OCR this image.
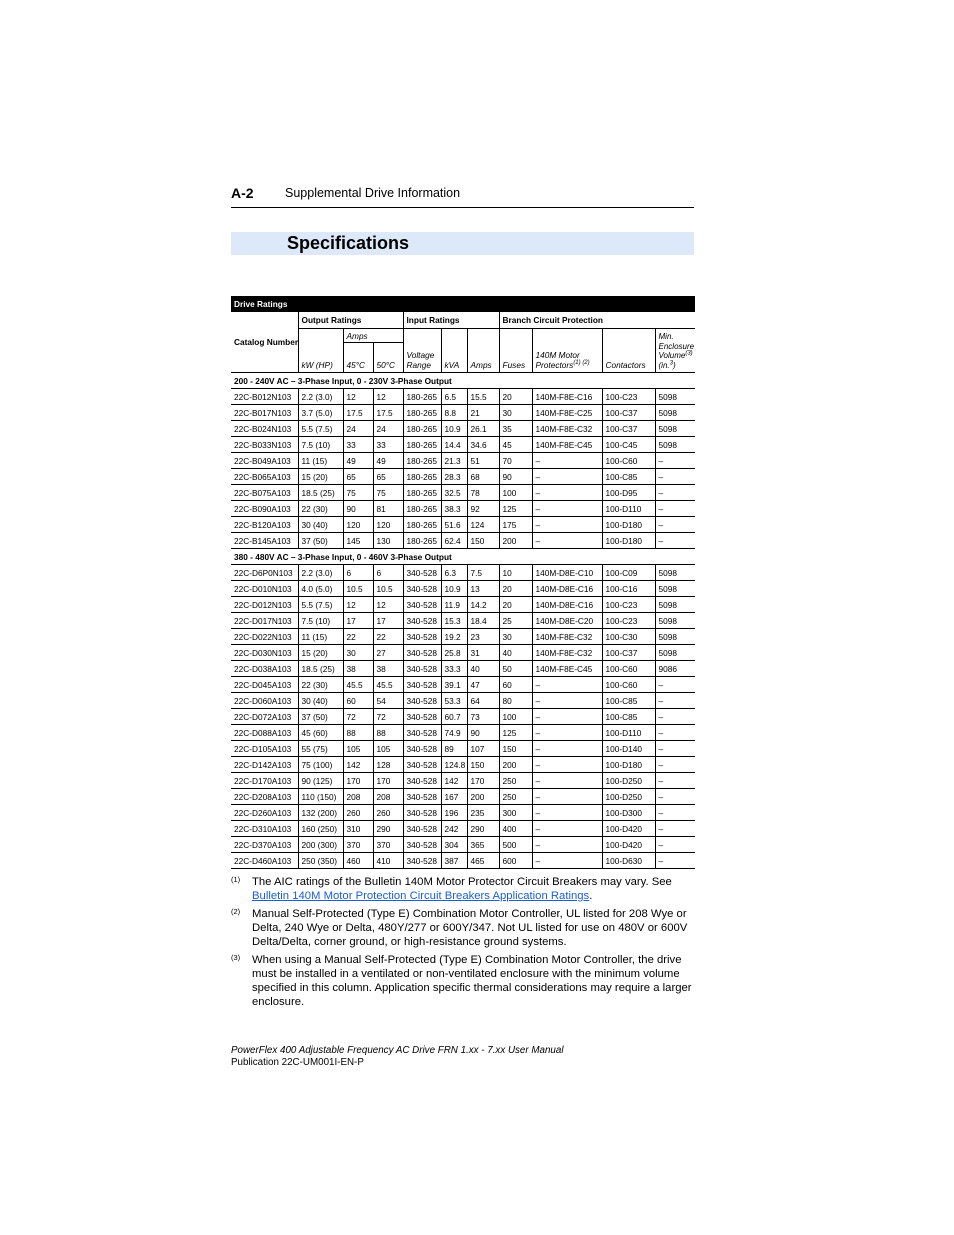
A-2	Supplemental Drive Information
Specifications
Drive Ratings										
Catalog Number	Output Ratings			Input Ratings			Branch Circuit Protection			
	kW (HP)	Amps		Voltage Range	kVA	Amps	Fuses	140M Motor Protectors$^{(1) (2)}$	Contactors	Min. Enclosure Volume$^{(3)}$ (in.$^3$)
		45°C	50°C							
200 - 240V AC – 3-Phase Input, 0 - 230V 3-Phase Output										
22C-B012N103	2.2 (3.0)	12	12	180-265	6.5	15.5	20	140M-F8E-C16	100-C23	5098
22C-B017N103	3.7 (5.0)	17.5	17.5	180-265	8.8	21	30	140M-F8E-C25	100-C37	5098
22C-B024N103	5.5 (7.5)	24	24	180-265	10.9	26.1	35	140M-F8E-C32	100-C37	5098
22C-B033N103	7.5 (10)	33	33	180-265	14.4	34.6	45	140M-F8E-C45	100-C45	5098
22C-B049A103	11 (15)	49	49	180-265	21.3	51	70	–	100-C60	–
22C-B065A103	15 (20)	65	65	180-265	28.3	68	90	–	100-C85	–
22C-B075A103	18.5 (25)	75	75	180-265	32.5	78	100	–	100-D95	–
22C-B090A103	22 (30)	90	81	180-265	38.3	92	125	–	100-D110	–
22C-B120A103	30 (40)	120	120	180-265	51.6	124	175	–	100-D180	–
22C-B145A103	37 (50)	145	130	180-265	62.4	150	200	–	100-D180	–
380 - 480V AC – 3-Phase Input, 0 - 460V 3-Phase Output										
22C-D6P0N103	2.2 (3.0)	6	6	340-528	6.3	7.5	10	140M-D8E-C10	100-C09	5098
22C-D010N103	4.0 (5.0)	10.5	10.5	340-528	10.9	13	20	140M-D8E-C16	100-C16	5098
22C-D012N103	5.5 (7.5)	12	12	340-528	11.9	14.2	20	140M-D8E-C16	100-C23	5098
22C-D017N103	7.5 (10)	17	17	340-528	15.3	18.4	25	140M-D8E-C20	100-C23	5098
22C-D022N103	11 (15)	22	22	340-528	19.2	23	30	140M-F8E-C32	100-C30	5098
22C-D030N103	15 (20)	30	27	340-528	25.8	31	40	140M-F8E-C32	100-C37	5098
22C-D038A103	18.5 (25)	38	38	340-528	33.3	40	50	140M-F8E-C45	100-C60	9086
22C-D045A103	22 (30)	45.5	45.5	340-528	39.1	47	60	–	100-C60	–
22C-D060A103	30 (40)	60	54	340-528	53.3	64	80	–	100-C85	–
22C-D072A103	37 (50)	72	72	340-528	60.7	73	100	–	100-C85	–
22C-D088A103	45 (60)	88	88	340-528	74.9	90	125	–	100-D110	–
22C-D105A103	55 (75)	105	105	340-528	89	107	150	–	100-D140	–
22C-D142A103	75 (100)	142	128	340-528	124.8	150	200	–	100-D180	–
22C-D170A103	90 (125)	170	170	340-528	142	170	250	–	100-D250	–
22C-D208A103	110 (150)	208	208	340-528	167	200	250	–	100-D250	–
22C-D260A103	132 (200)	260	260	340-528	196	235	300	–	100-D300	–
22C-D310A103	160 (250)	310	290	340-528	242	290	400	–	100-D420	–
22C-D370A103	200 (300)	370	370	340-528	304	365	500	–	100-D420	–
22C-D460A103	250 (350)	460	410	340-528	387	465	600	–	100-D630	–
(1) The AIC ratings of the Bulletin 140M Motor Protector Circuit Breakers may vary. See Bulletin 140M Motor Protection Circuit Breakers Application Ratings.
(2) Manual Self-Protected (Type E) Combination Motor Controller, UL listed for 208 Wye or Delta, 240 Wye or Delta, 480Y/277 or 600Y/347. Not UL listed for use on 480V or 600V Delta/Delta, corner ground, or high-resistance ground systems.
(3) When using a Manual Self-Protected (Type E) Combination Motor Controller, the drive must be installed in a ventilated or non-ventilated enclosure with the minimum volume specified in this column. Application specific thermal considerations may require a larger enclosure.
PowerFlex 400 Adjustable Frequency AC Drive FRN 1.xx - 7.xx User Manual
Publication 22C-UM001I-EN-P
